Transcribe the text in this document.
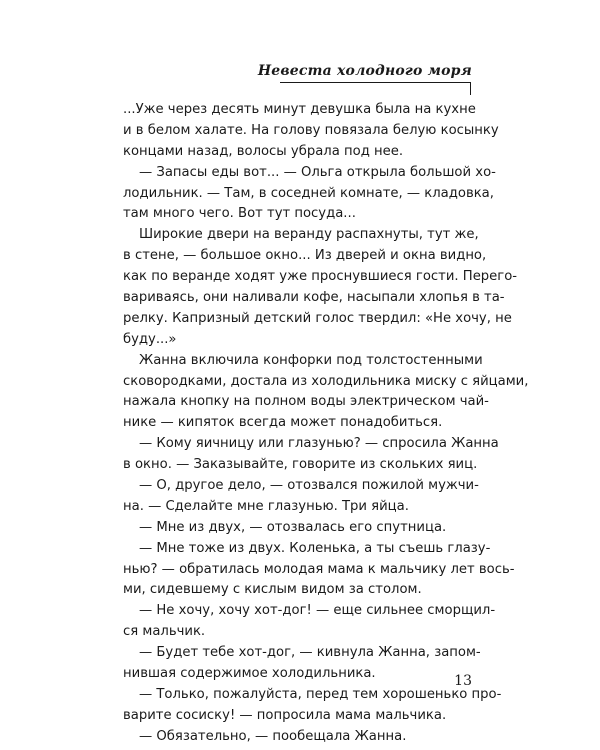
Невеста холодного моря
...Уже через десять минут девушка была на кухне
и в белом халате. На голову повязала белую косынку
концами назад, волосы убрала под нее.
— Запасы еды вот... — Ольга открыла большой хо-
лодильник. — Там, в соседней комнате, — кладовка,
там много чего. Вот тут посуда...
Широкие двери на веранду распахнуты, тут же,
в стене, — большое окно... Из дверей и окна видно,
как по веранде ходят уже проснувшиеся гости. Перего-
вариваясь, они наливали кофе, насыпали хлопья в та-
релку. Капризный детский голос твердил: «Не хочу, не
буду...»
Жанна включила конфорки под толстостенными
сковородками, достала из холодильника миску с яйцами,
нажала кнопку на полном воды электрическом чай-
нике — кипяток всегда может понадобиться.
— Кому яичницу или глазунью? — спросила Жанна
в окно. — Заказывайте, говорите из скольких яиц.
— О, другое дело, — отозвался пожилой мужчи-
на. — Сделайте мне глазунью. Три яйца.
— Мне из двух, — отозвалась его спутница.
— Мне тоже из двух. Коленька, а ты съешь глазу-
нью? — обратилась молодая мама к мальчику лет вось-
ми, сидевшему с кислым видом за столом.
— Не хочу, хочу хот-дог! — еще сильнее сморщил-
ся мальчик.
— Будет тебе хот-дог, — кивнула Жанна, запом-
нившая содержимое холодильника.
— Только, пожалуйста, перед тем хорошенько про-
варите сосиску! — попросила мама мальчика.
— Обязательно, — пообещала Жанна.
13
